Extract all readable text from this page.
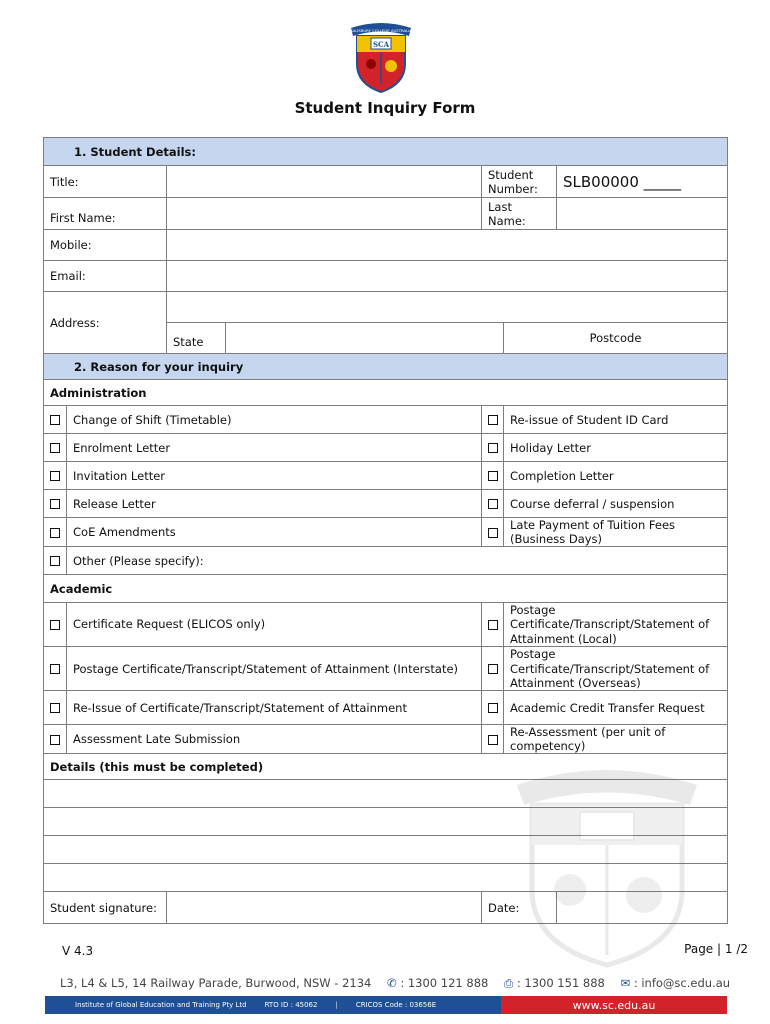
SALISBURY COLLEGE AUSTRALIA
SCA
Student Inquiry Form
1. Student Details:							
Title:				Student Number:		SLB00000 _____	
First Name:				Last Name:			
Mobile:							
Email:							
Address:							
		State			Postcode		
2. Reason for your inquiry							
Administration							
	Change of Shift (Timetable)				Re-issue of Student ID Card		
	Enrolment Letter				Holiday Letter		
	Invitation Letter				Completion Letter		
	Release Letter				Course deferral / suspension		
	CoE Amendments				Late Payment of Tuition Fees (Business Days)		
	Other (Please specify):						
Academic							
	Certificate Request (ELICOS only)				Postage Certificate/Transcript/Statement of Attainment (Local)		
	Postage Certificate/Transcript/Statement of Attainment (Interstate)				Postage Certificate/Transcript/Statement of Attainment (Overseas)		
	Re-Issue of Certificate/Transcript/Statement of Attainment				Academic Credit Transfer Request		
	Assessment Late Submission				Re-Assessment (per unit of competency)		
Details (this must be completed)							

Student signature:				Date:			
V 4.3	Page | 1 /2
L3, L4 & L5, 14 Railway Parade, Burwood, NSW - 2134 ✆ : 1300 121 888 ⎙ : 1300 151 888 ✉ : info@sc.edu.au
Institute of Global Education and Training Pty Ltd	RTO ID : 45062	|	CRICOS Code : 03656E	www.sc.edu.au
